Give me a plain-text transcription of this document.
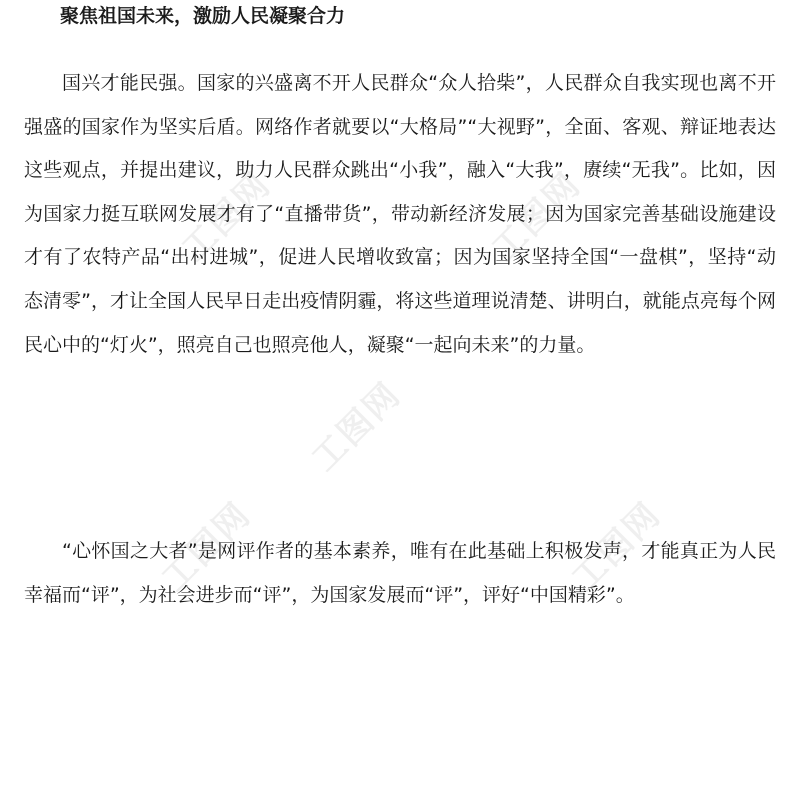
工图网
工图网
工图网
工图网
工图网
聚焦祖国未来，激励人民凝聚合力

国兴才能民强。国家的兴盛离不开人民群众“众人拾柴”，人民群众自我实现也离不开强盛的国家作为坚实后盾。网络作者就要以“大格局”“大视野”，全面、客观、辩证地表达这些观点，并提出建议，助力人民群众跳出“小我”，融入“大我”，赓续“无我”。比如，因为国家力挺互联网发展才有了“直播带货”，带动新经济发展；因为国家完善基础设施建设才有了农特产品“出村进城”，促进人民增收致富；因为国家坚持全国“一盘棋”，坚持“动态清零”，才让全国人民早日走出疫情阴霾，将这些道理说清楚、讲明白，就能点亮每个网民心中的“灯火”，照亮自己也照亮他人，凝聚“一起向未来”的力量。

“心怀国之大者”是网评作者的基本素养，唯有在此基础上积极发声，才能真正为人民幸福而“评”，为社会进步而“评”，为国家发展而“评”，评好“中国精彩”。
